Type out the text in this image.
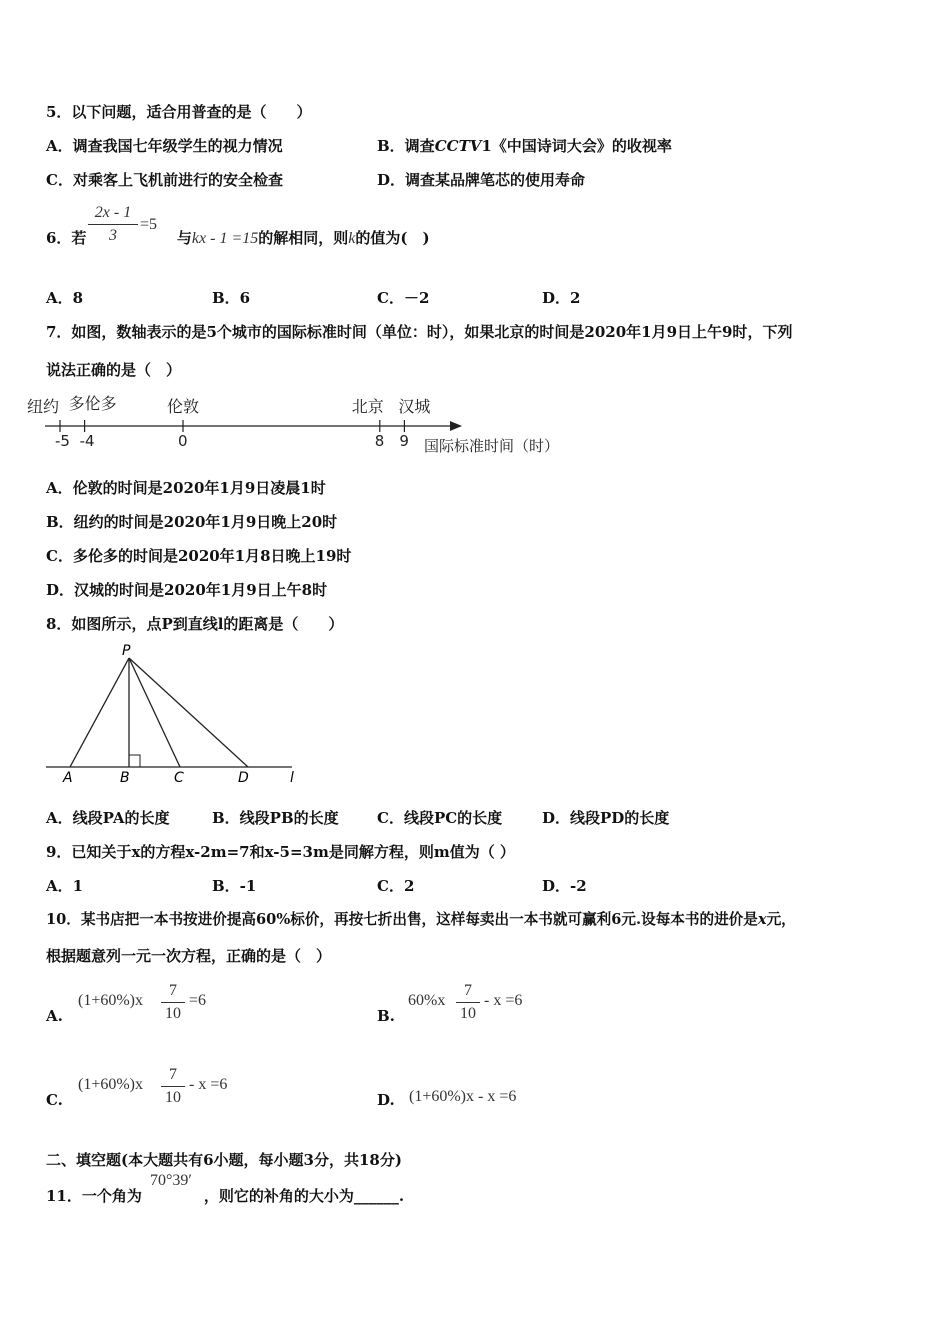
5．以下问题，适合用普查的是（　　）
A．调查我国七年级学生的视力情况	B．调查CCTV1《中国诗词大会》的收视率
C．对乘客上飞机前进行的安全检查	D．调查某品牌笔芯的使用寿命
6．若	与kx - 1 =15的解相同，则k的值为(　)
2x - 1
3
=5
A．8	B．6	C．－2	D．2
7．如图，数轴表示的是5个城市的国际标准时间（单位：时），如果北京的时间是2020年1月9日上午9时，下列
说法正确的是（　）
-5
纽约
-4
多伦多
0
伦敦
8
北京
9
汉城
国际标准时间（时）
A．伦敦的时间是2020年1月9日凌晨1时
B．纽约的时间是2020年1月9日晚上20时
C．多伦多的时间是2020年1月8日晚上19时
D．汉城的时间是2020年1月9日上午8时
8．如图所示，点P到直线l的距离是（　　）
P
A	B	C	D	l
A．线段PA的长度	B．线段PB的长度	C．线段PC的长度	D．线段PD的长度
9．已知关于x的方程x-2m=7和x-5=3m是同解方程，则m值为（ ）
A．1	B．-1	C．2	D．-2
10．某书店把一本书按进价提高60%标价，再按七折出售，这样每卖出一本书就可赢利6元.设每本书的进价是x元，
根据题意列一元一次方程，正确的是（　）
A.
(1+60%)x
7
10
=6
B.
60%x
7
10
- x =6
C.
(1+60%)x
7
10
- x =6
D. (1+60%)x - x =6
二、填空题(本大题共有6小题，每小题3分，共18分)
11．一个角为	，则它的补角的大小为______.
70°39′
